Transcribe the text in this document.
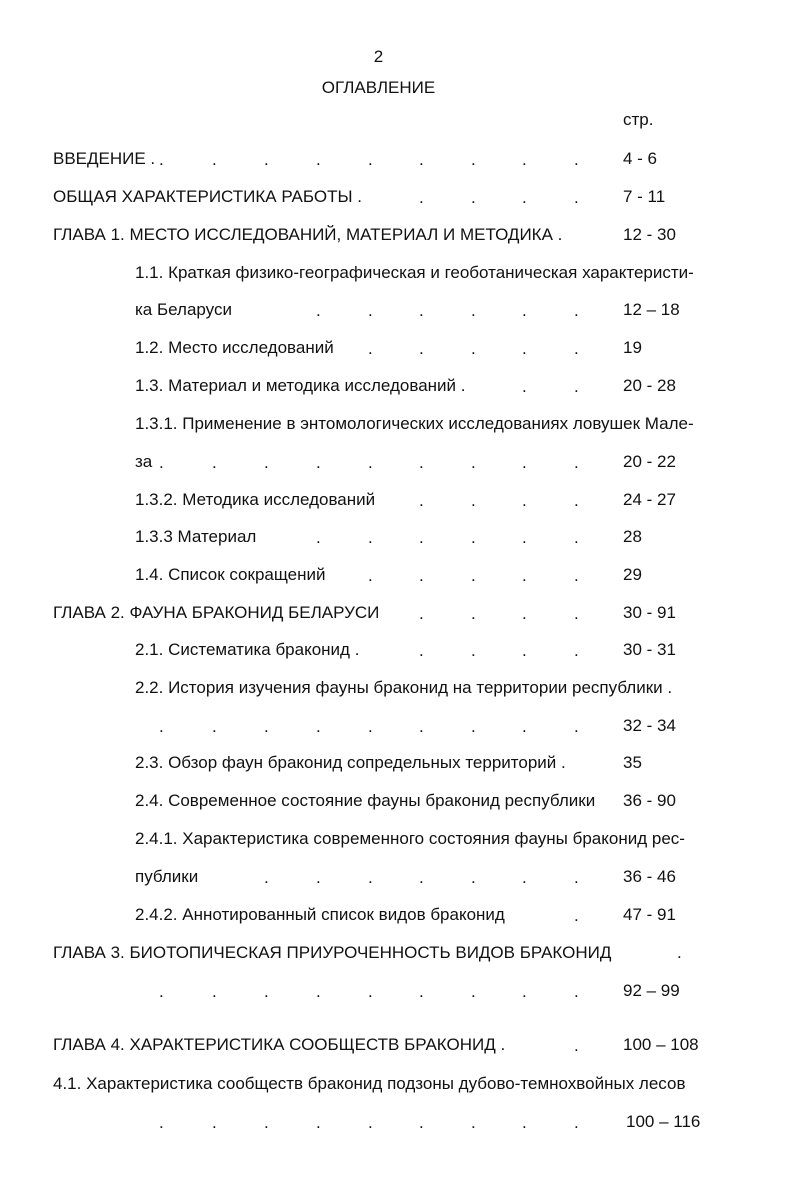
2
ОГЛАВЛЕНИЕ
стр.
ВВЕДЕНИЕ . .	.	.	.	.	.	.	.	.	4 - 6
ОБЩАЯ ХАРАКТЕРИСТИКА РАБОТЫ .	.	.	.	.	7 - 11
ГЛАВА 1. МЕСТО ИССЛЕДОВАНИЙ, МАТЕРИАЛ И МЕТОДИКА .	12 - 30
1.1. Краткая физико-географическая и геоботаническая характеристи-
ка Беларуси	.	.	.	.	.	.	12 – 18
1.2. Место исследований .	.	.	.	.	19
1.3. Материал и методика исследований .	.	.	20 - 28
1.3.1. Применение в энтомологических исследованиях ловушек Мале-
за .	.	.	.	.	.	.	.	.	20 - 22
1.3.2. Методика исследований	.	.	.	.	24 - 27
1.3.3 Материал	.	.	.	.	.	.	28
1.4. Список сокращений	.	.	.	.	.	29
ГЛАВА 2. ФАУНА БРАКОНИД БЕЛАРУСИ .	.	.	.	30 - 91
2.1. Систематика браконид .	.	.	.	.	30 - 31
2.2. История изучения фауны браконид на территории республики .
.	.	.	.	.	.	.	.	.	32 - 34
2.3. Обзор фаун браконид сопредельных территорий .	35
2.4. Современное состояние фауны браконид республики 36 - 90
2.4.1. Характеристика современного состояния фауны браконид рес-
публики	.	.	.	.	.	.	.	36 - 46
2.4.2. Аннотированный список видов браконид	.	47 - 91
ГЛАВА 3. БИОТОПИЧЕСКАЯ ПРИУРОЧЕННОСТЬ ВИДОВ БРАКОНИД	.
.	.	.	.	.	.	.	.	.	92 – 99
ГЛАВА 4. ХАРАКТЕРИСТИКА СООБЩЕСТВ БРАКОНИД .	.	100 – 108
4.1. Характеристика сообществ браконид подзоны дубово-темнохвойных лесов
.	.	.	.	.	.	.	.	.	100 – 116
